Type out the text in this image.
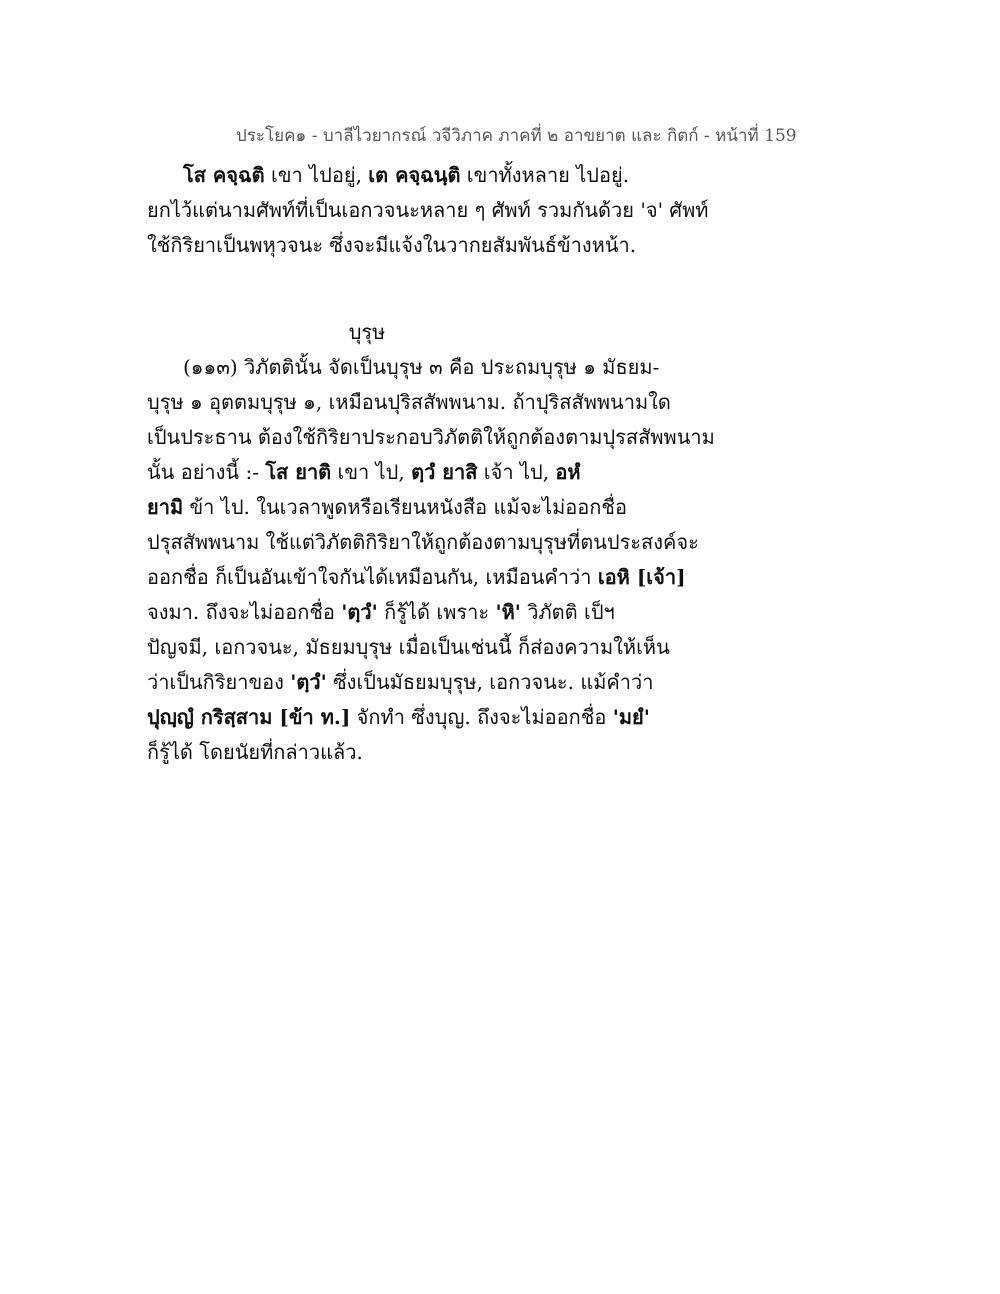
ประโยค๑ - บาลีไวยากรณ์ วจีวิภาค ภาคที่ ๒ อาขยาต และ กิตก์ - หน้าที่ 159
โส คจฺฉติ เขา ไปอยู่, เต คจฺฉนฺติ เขาทั้งหลาย ไปอยู่.
ยกไว้แต่นามศัพท์ที่เป็นเอกวจนะหลาย ๆ ศัพท์ รวมกันด้วย 'จ' ศัพท์
ใช้กิริยาเป็นพหุวจนะ ซึ่งจะมีแจ้งในวากยสัมพันธ์ข้างหน้า.
บุรุษ
(๑๑๓) วิภัตตินั้น จัดเป็นบุรุษ ๓ คือ ประถมบุรุษ ๑ มัธยม-
บุรุษ ๑ อุตตมบุรุษ ๑, เหมือนปุริสสัพพนาม. ถ้าปุริสสัพพนามใด
เป็นประธาน ต้องใช้กิริยาประกอบวิภัตติให้ถูกต้องตามปุรสสัพพนาม
นั้น อย่างนี้ :- โส ยาติ เขา ไป, ตฺวํ ยาสิ เจ้า ไป, อหํ
ยามิ ข้า ไป. ในเวลาพูดหรือเรียนหนังสือ แม้จะไม่ออกชื่อ
ปรุสสัพพนาม ใช้แต่วิภัตติกิริยาให้ถูกต้องตามบุรุษที่ตนประสงค์จะ
ออกชื่อ ก็เป็นอันเข้าใจกันได้เหมือนกัน, เหมือนคำว่า เอหิ [เจ้า]
จงมา. ถึงจะไม่ออกชื่อ 'ตฺวํ' ก็รู้ได้ เพราะ 'หิ' วิภัตติ เป็ฯ
ปัญจมี, เอกวจนะ, มัธยมบุรุษ เมื่อเป็นเช่นนี้ ก็ส่องความให้เห็น
ว่าเป็นกิริยาของ 'ตฺวํ' ซึ่งเป็นมัธยมบุรุษ, เอกวจนะ. แม้คำว่า
ปุญฺญํ กริสฺสาม [ข้า ท.] จักทำ ซึ่งบุญ. ถึงจะไม่ออกชื่อ 'มยํ'
ก็รู้ได้ โดยนัยที่กล่าวแล้ว.
